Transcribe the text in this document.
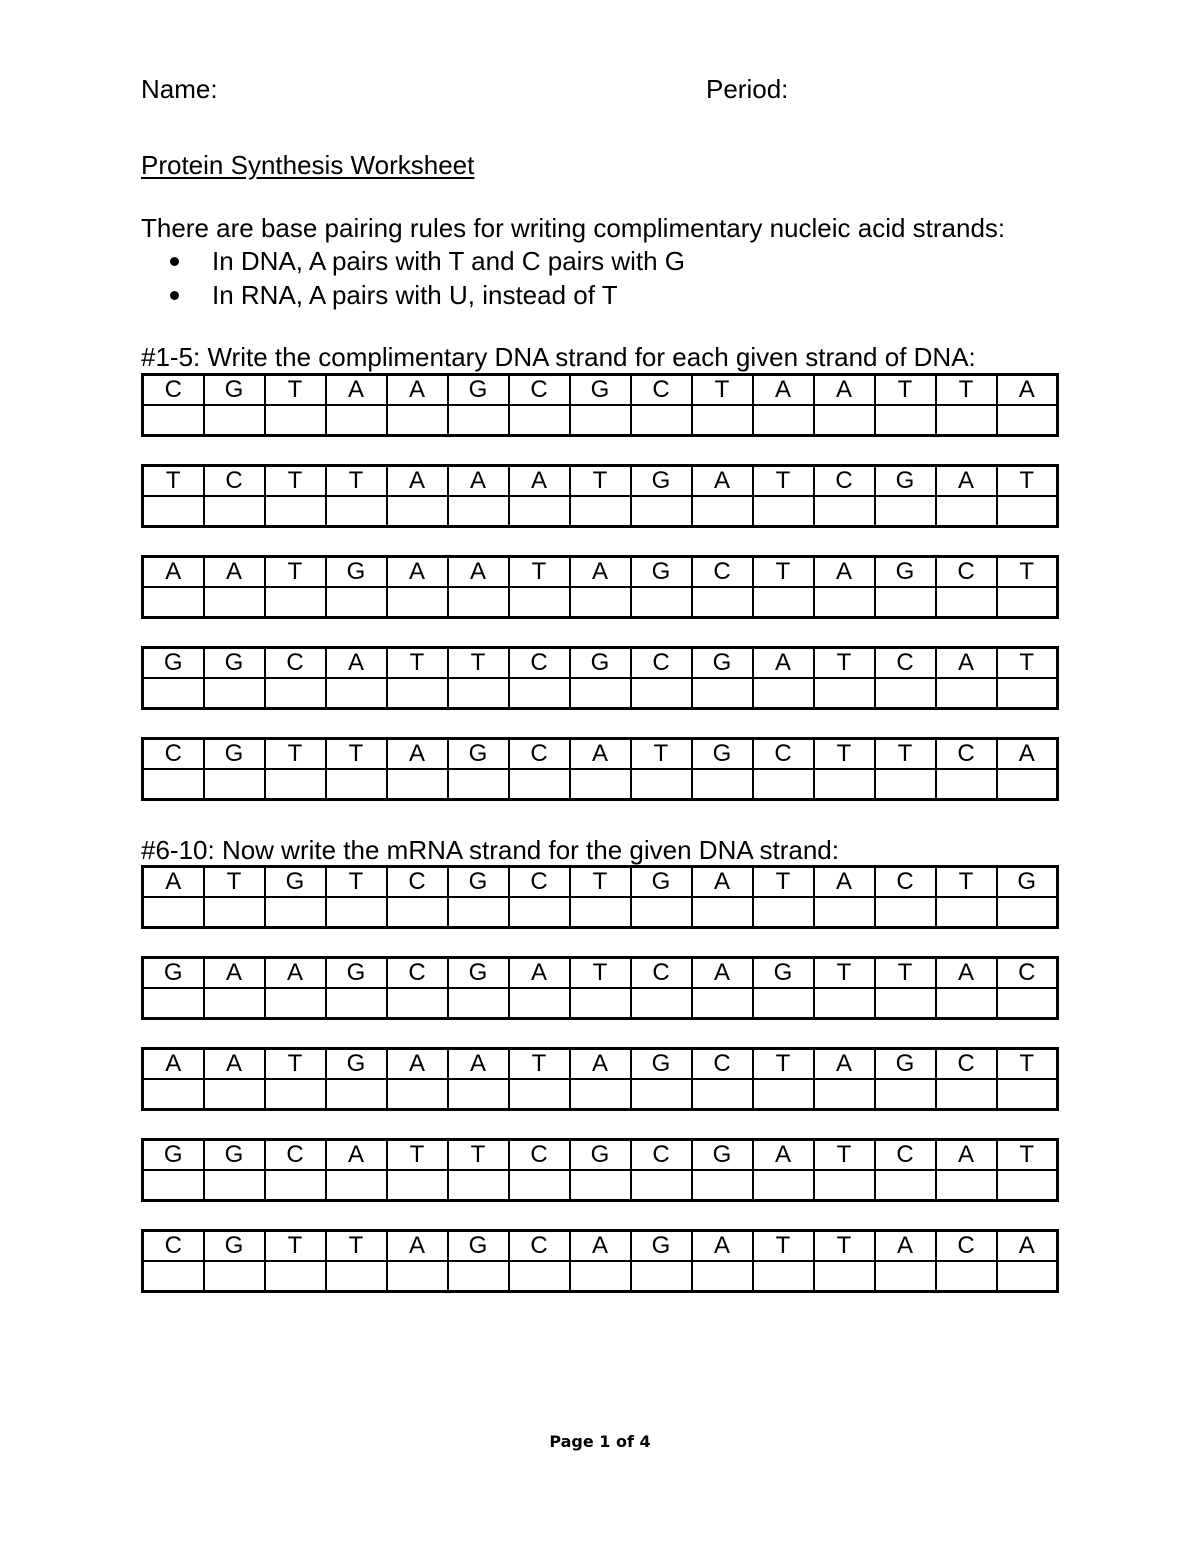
Name:	Period:
Protein Synthesis Worksheet
There are base pairing rules for writing complimentary nucleic acid strands:
In DNA, A pairs with T and C pairs with G
In RNA, A pairs with U, instead of T
#1-5: Write the complimentary DNA strand for each given strand of DNA:
#6-10: Now write the mRNA strand for the given DNA strand:
C	G	T	A	A	G	C	G	C	T	A	A	T	T	A

T	C	T	T	A	A	A	T	G	A	T	C	G	A	T

A	A	T	G	A	A	T	A	G	C	T	A	G	C	T

G	G	C	A	T	T	C	G	C	G	A	T	C	A	T

C	G	T	T	A	G	C	A	T	G	C	T	T	C	A

A	T	G	T	C	G	C	T	G	A	T	A	C	T	G

G	A	A	G	C	G	A	T	C	A	G	T	T	A	C

A	A	T	G	A	A	T	A	G	C	T	A	G	C	T

G	G	C	A	T	T	C	G	C	G	A	T	C	A	T

C	G	T	T	A	G	C	A	G	A	T	T	A	C	A

Page 1 of 4
